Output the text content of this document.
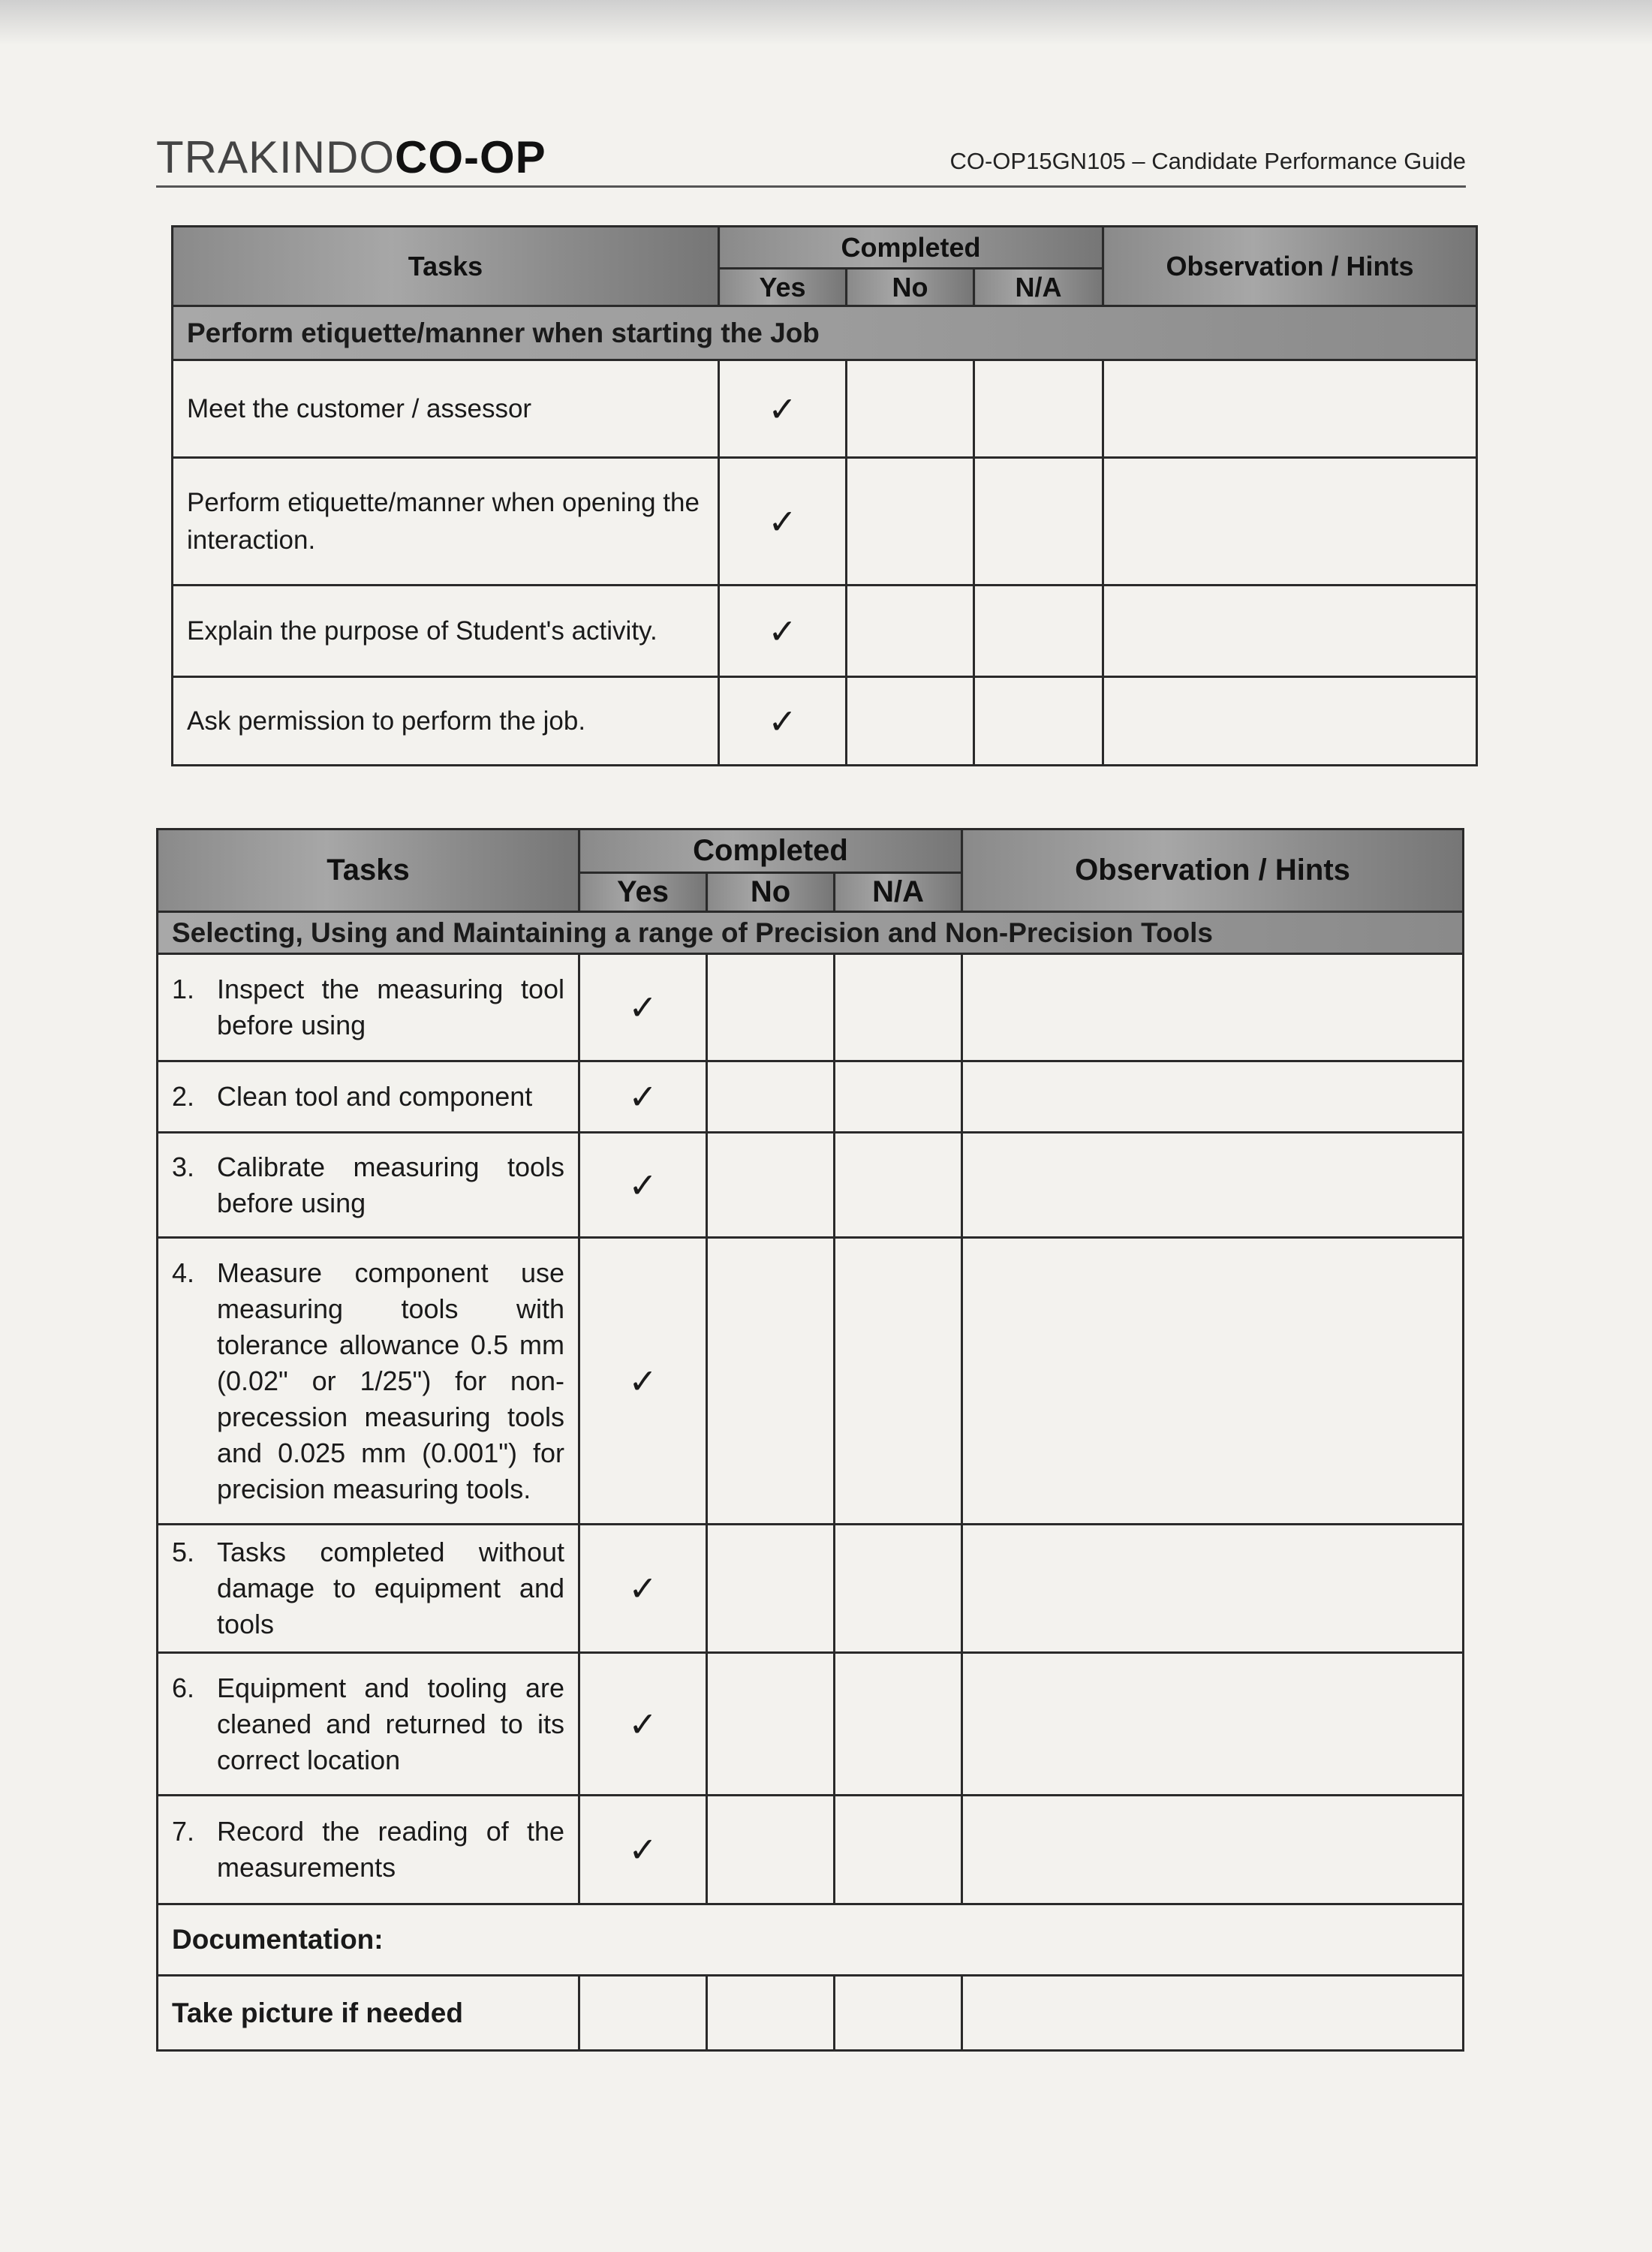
TRAKINDOCO-OP	CO-OP15GN105 – Candidate Performance Guide
Tasks	Completed			Observation / Hints
	Yes	No	N/A	
Perform etiquette/manner when starting the Job				
Meet the customer / assessor	✓			
Perform etiquette/manner when opening the interaction.	✓			
Explain the purpose of Student's activity.	✓			
Ask permission to perform the job.	✓			
Tasks	Completed			Observation / Hints
	Yes	No	N/A	
Selecting, Using and Maintaining a range of Precision and Non-Precision Tools				

1. Inspect the measuring tool before using	✓			

2. Clean tool and component	✓			

3. Calibrate measuring tools before using	✓			

4. Measure component use measuring tools with tolerance allowance 0.5 mm (0.02" or 1/25") for non-precession measuring tools and 0.025 mm (0.001") for precision measuring tools.	✓			

5. Tasks completed without damage to equipment and tools	✓			

6. Equipment and tooling are cleaned and returned to its correct location	✓			

7. Record the reading of the measurements	✓			
Documentation:				
Take picture if needed				
